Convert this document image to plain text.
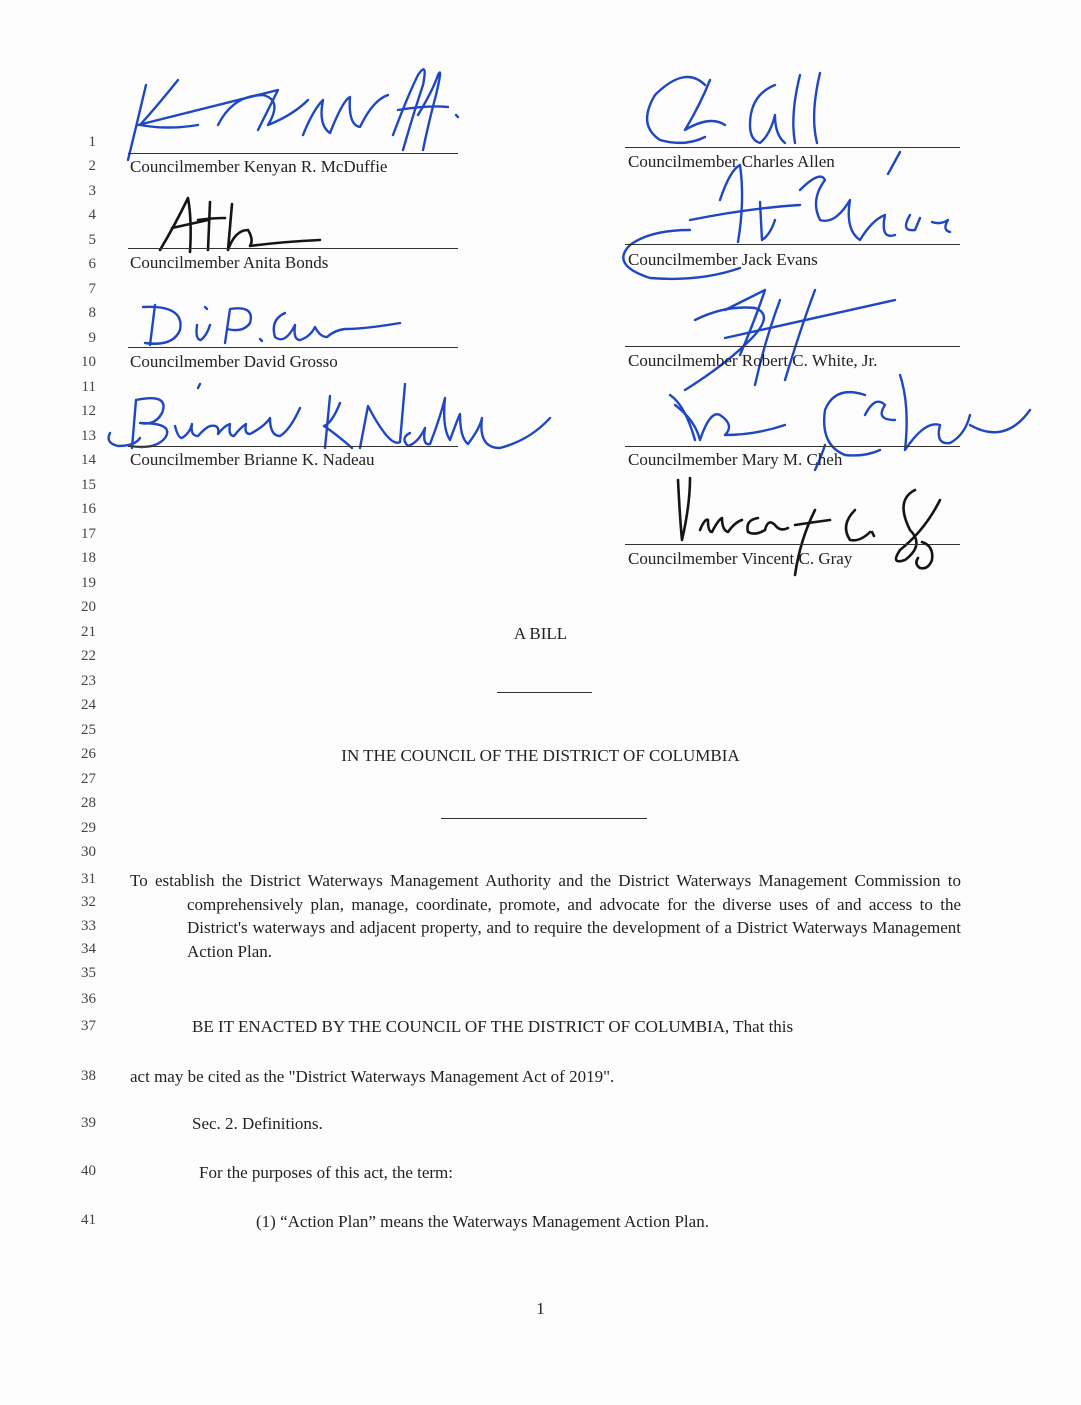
1
2
3
4
5
6
7
8
9
10
11
12
13
14
15
16
17
18
19
20
21
22
23
24
25
26
27
28
29
30
31
32
33
34
35
36
37
38
39
40
41
Councilmember Kenyan R. McDuffie
Councilmember Anita Bonds
Councilmember David Grosso
Councilmember Brianne K. Nadeau
Councilmember Charles Allen
Councilmember Jack Evans
Councilmember Robert C. White, Jr.
Councilmember Mary M. Cheh
Councilmember Vincent C. Gray
A BILL
IN THE COUNCIL OF THE DISTRICT OF COLUMBIA
To establish the District Waterways Management Authority and the District Waterways Management Commission to comprehensively plan, manage, coordinate, promote, and advocate for the diverse uses of and access to the District's waterways and adjacent property, and to require the development of a District Waterways Management Action Plan.
BE IT ENACTED BY THE COUNCIL OF THE DISTRICT OF COLUMBIA, That this
act may be cited as the "District Waterways Management Act of 2019".
Sec. 2. Definitions.
For the purposes of this act, the term:
(1) “Action Plan” means the Waterways Management Action Plan.
1
